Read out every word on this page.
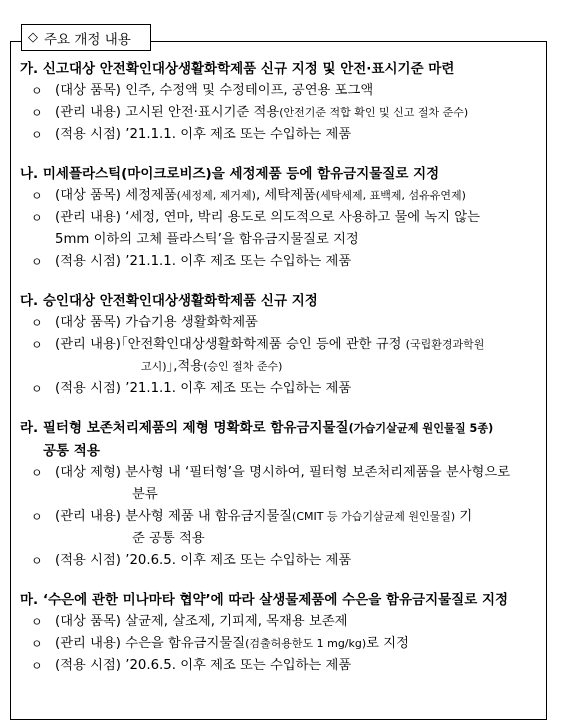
◇ 주요 개정 내용
가. 신고대상 안전확인대상생활화학제품 신규 지정 및 안전·표시기준 마련
ㅇ (대상 품목) 인주, 수정액 및 수정테이프, 공연용 포그액
ㅇ (관리 내용) 고시된 안전·표시기준 적용(안전기준 적합 확인 및 신고 절차 준수)
ㅇ (적용 시점) ’21.1.1. 이후 제조 또는 수입하는 제품
나. 미세플라스틱(마이크로비즈)을 세정제품 등에 함유금지물질로 지정
ㅇ (대상 품목) 세정제품(세정제, 제거제), 세탁제품(세탁세제, 표백제, 섬유유연제)
ㅇ (관리 내용) ‘세정, 연마, 박리 용도로 의도적으로 사용하고 물에 녹지 않는
5mm 이하의 고체 플라스틱’을 함유금지물질로 지정
ㅇ (적용 시점) ’21.1.1. 이후 제조 또는 수입하는 제품
다. 승인대상 안전확인대상생활화학제품 신규 지정
ㅇ (대상 품목) 가습기용 생활화학제품
ㅇ (관리 내용)｢안전확인대상생활화학제품 승인 등에 관한 규정 (국립환경과학원
고시)｣,적용(승인 절차 준수)
ㅇ (적용 시점) ’21.1.1. 이후 제조 또는 수입하는 제품
라. 필터형 보존처리제품의 제형 명확화로 함유금지물질(가습기살균제 원인물질 5종)
공통 적용
ㅇ (대상 제형) 분사형 내 ‘필터형’을 명시하여, 필터형 보존처리제품을 분사형으로
분류
ㅇ (관리 내용) 분사형 제품 내 함유금지물질(CMIT 등 가습기살균제 원인물질) 기
준 공통 적용
ㅇ (적용 시점) ’20.6.5. 이후 제조 또는 수입하는 제품
마. ‘수은에 관한 미나마타 협약’에 따라 살생물제품에 수은을 함유금지물질로 지정
ㅇ (대상 품목) 살균제, 살조제, 기피제, 목재용 보존제
ㅇ (관리 내용) 수은을 함유금지물질(검출허용한도 1 mg/kg)로 지정
ㅇ (적용 시점) ’20.6.5. 이후 제조 또는 수입하는 제품
